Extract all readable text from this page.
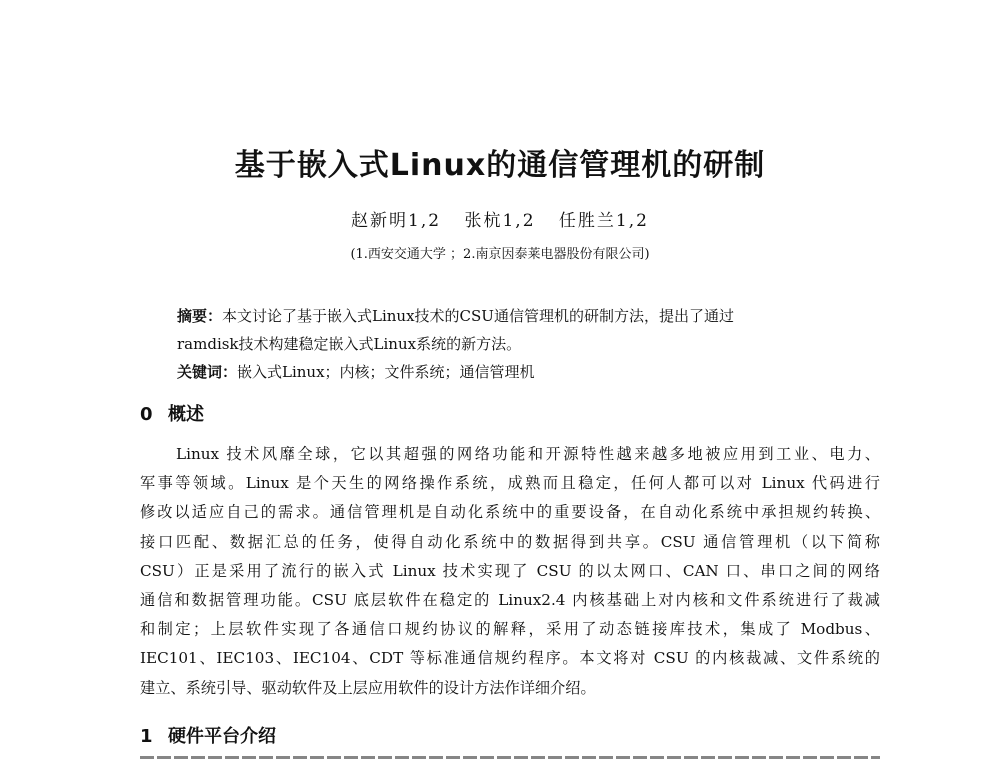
基于嵌入式Linux的通信管理机的研制
赵新明1,2 张杭1,2 任胜兰1,2
(1.西安交通大学 ；2.南京因泰莱电器股份有限公司)
摘要：本文讨论了基于嵌入式Linux技术的CSU通信管理机的研制方法，提出了通过
ramdisk技术构建稳定嵌入式Linux系统的新方法。
关键词：嵌入式Linux；内核；文件系统；通信管理机
0 概述
Linux 技术风靡全球，它以其超强的网络功能和开源特性越来越多地被应用到工业、电力、
军事等领域。Linux 是个天生的网络操作系统，成熟而且稳定，任何人都可以对 Linux 代码进行
修改以适应自己的需求。通信管理机是自动化系统中的重要设备，在自动化系统中承担规约转换、
接口匹配、数据汇总的任务，使得自动化系统中的数据得到共享。CSU 通信管理机（以下简称
CSU）正是采用了流行的嵌入式 Linux 技术实现了 CSU 的以太网口、CAN 口、串口之间的网络
通信和数据管理功能。CSU 底层软件在稳定的 Linux2.4 内核基础上对内核和文件系统进行了裁减
和制定；上层软件实现了各通信口规约协议的解释，采用了动态链接库技术，集成了 Modbus、
IEC101、IEC103、IEC104、CDT 等标准通信规约程序。本文将对 CSU 的内核裁减、文件系统的
建立、系统引导、驱动软件及上层应用软件的设计方法作详细介绍。
1 硬件平台介绍
